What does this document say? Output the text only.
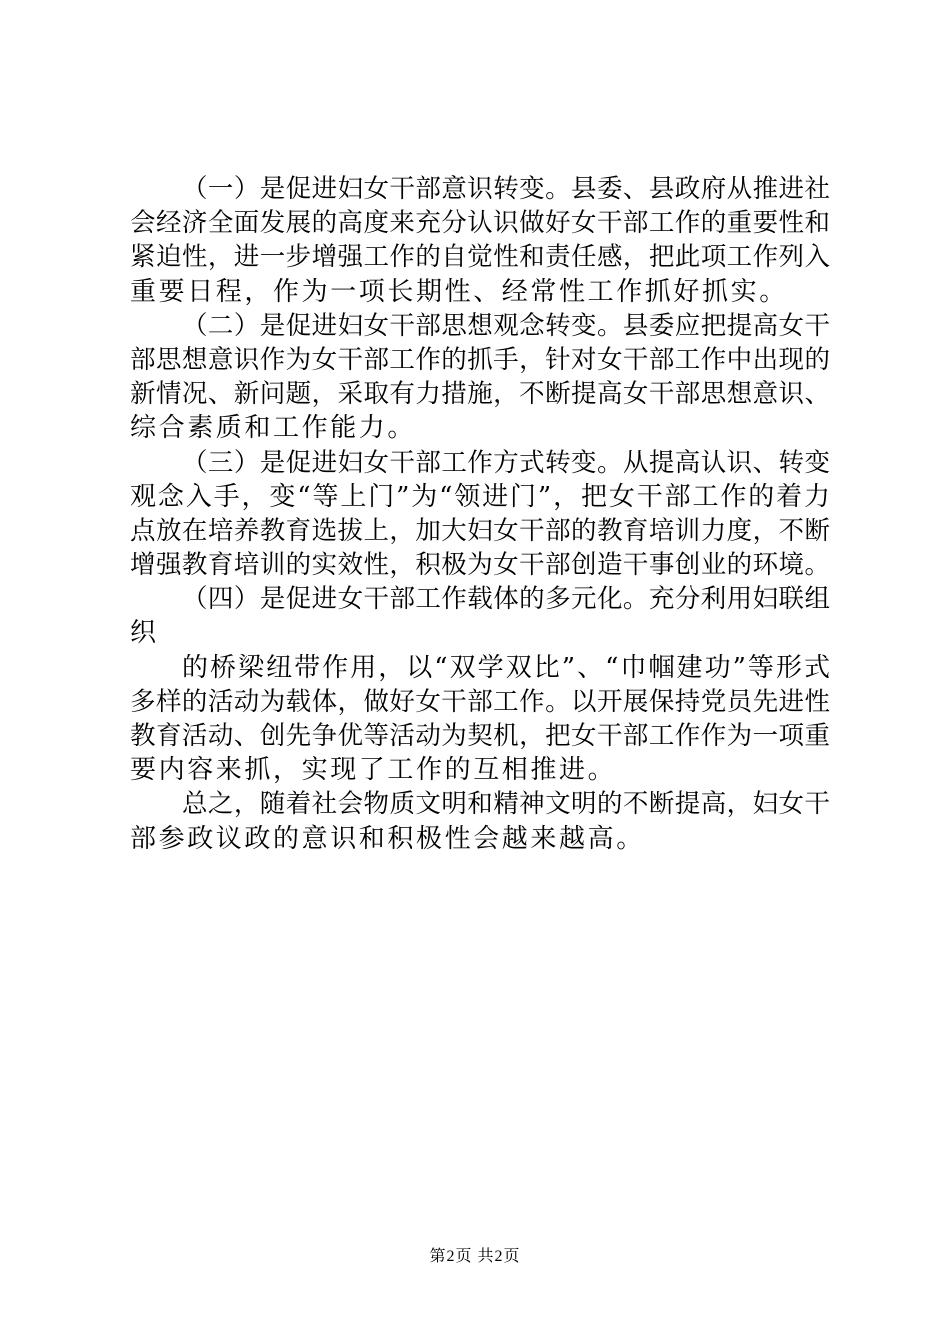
（一）是促进妇女干部意识转变。县委、县政府从推进社
会经济全面发展的高度来充分认识做好女干部工作的重要性和
紧迫性，进一步增强工作的自觉性和责任感，把此项工作列入
重要日程，作为一项长期性、经常性工作抓好抓实。
（二）是促进妇女干部思想观念转变。县委应把提高女干
部思想意识作为女干部工作的抓手，针对女干部工作中出现的
新情况、新问题，采取有力措施，不断提高女干部思想意识、
综合素质和工作能力。
（三）是促进妇女干部工作方式转变。从提高认识、转变
观念入手，变“等上门”为“领进门”，把女干部工作的着力
点放在培养教育选拔上，加大妇女干部的教育培训力度，不断
增强教育培训的实效性，积极为女干部创造干事创业的环境。
（四）是促进女干部工作载体的多元化。充分利用妇联组
织
的桥梁纽带作用，以“双学双比”、“巾帼建功”等形式
多样的活动为载体，做好女干部工作。以开展保持党员先进性
教育活动、创先争优等活动为契机，把女干部工作作为一项重
要内容来抓，实现了工作的互相推进。
总之，随着社会物质文明和精神文明的不断提高，妇女干
部参政议政的意识和积极性会越来越高。
第2页 共2页
